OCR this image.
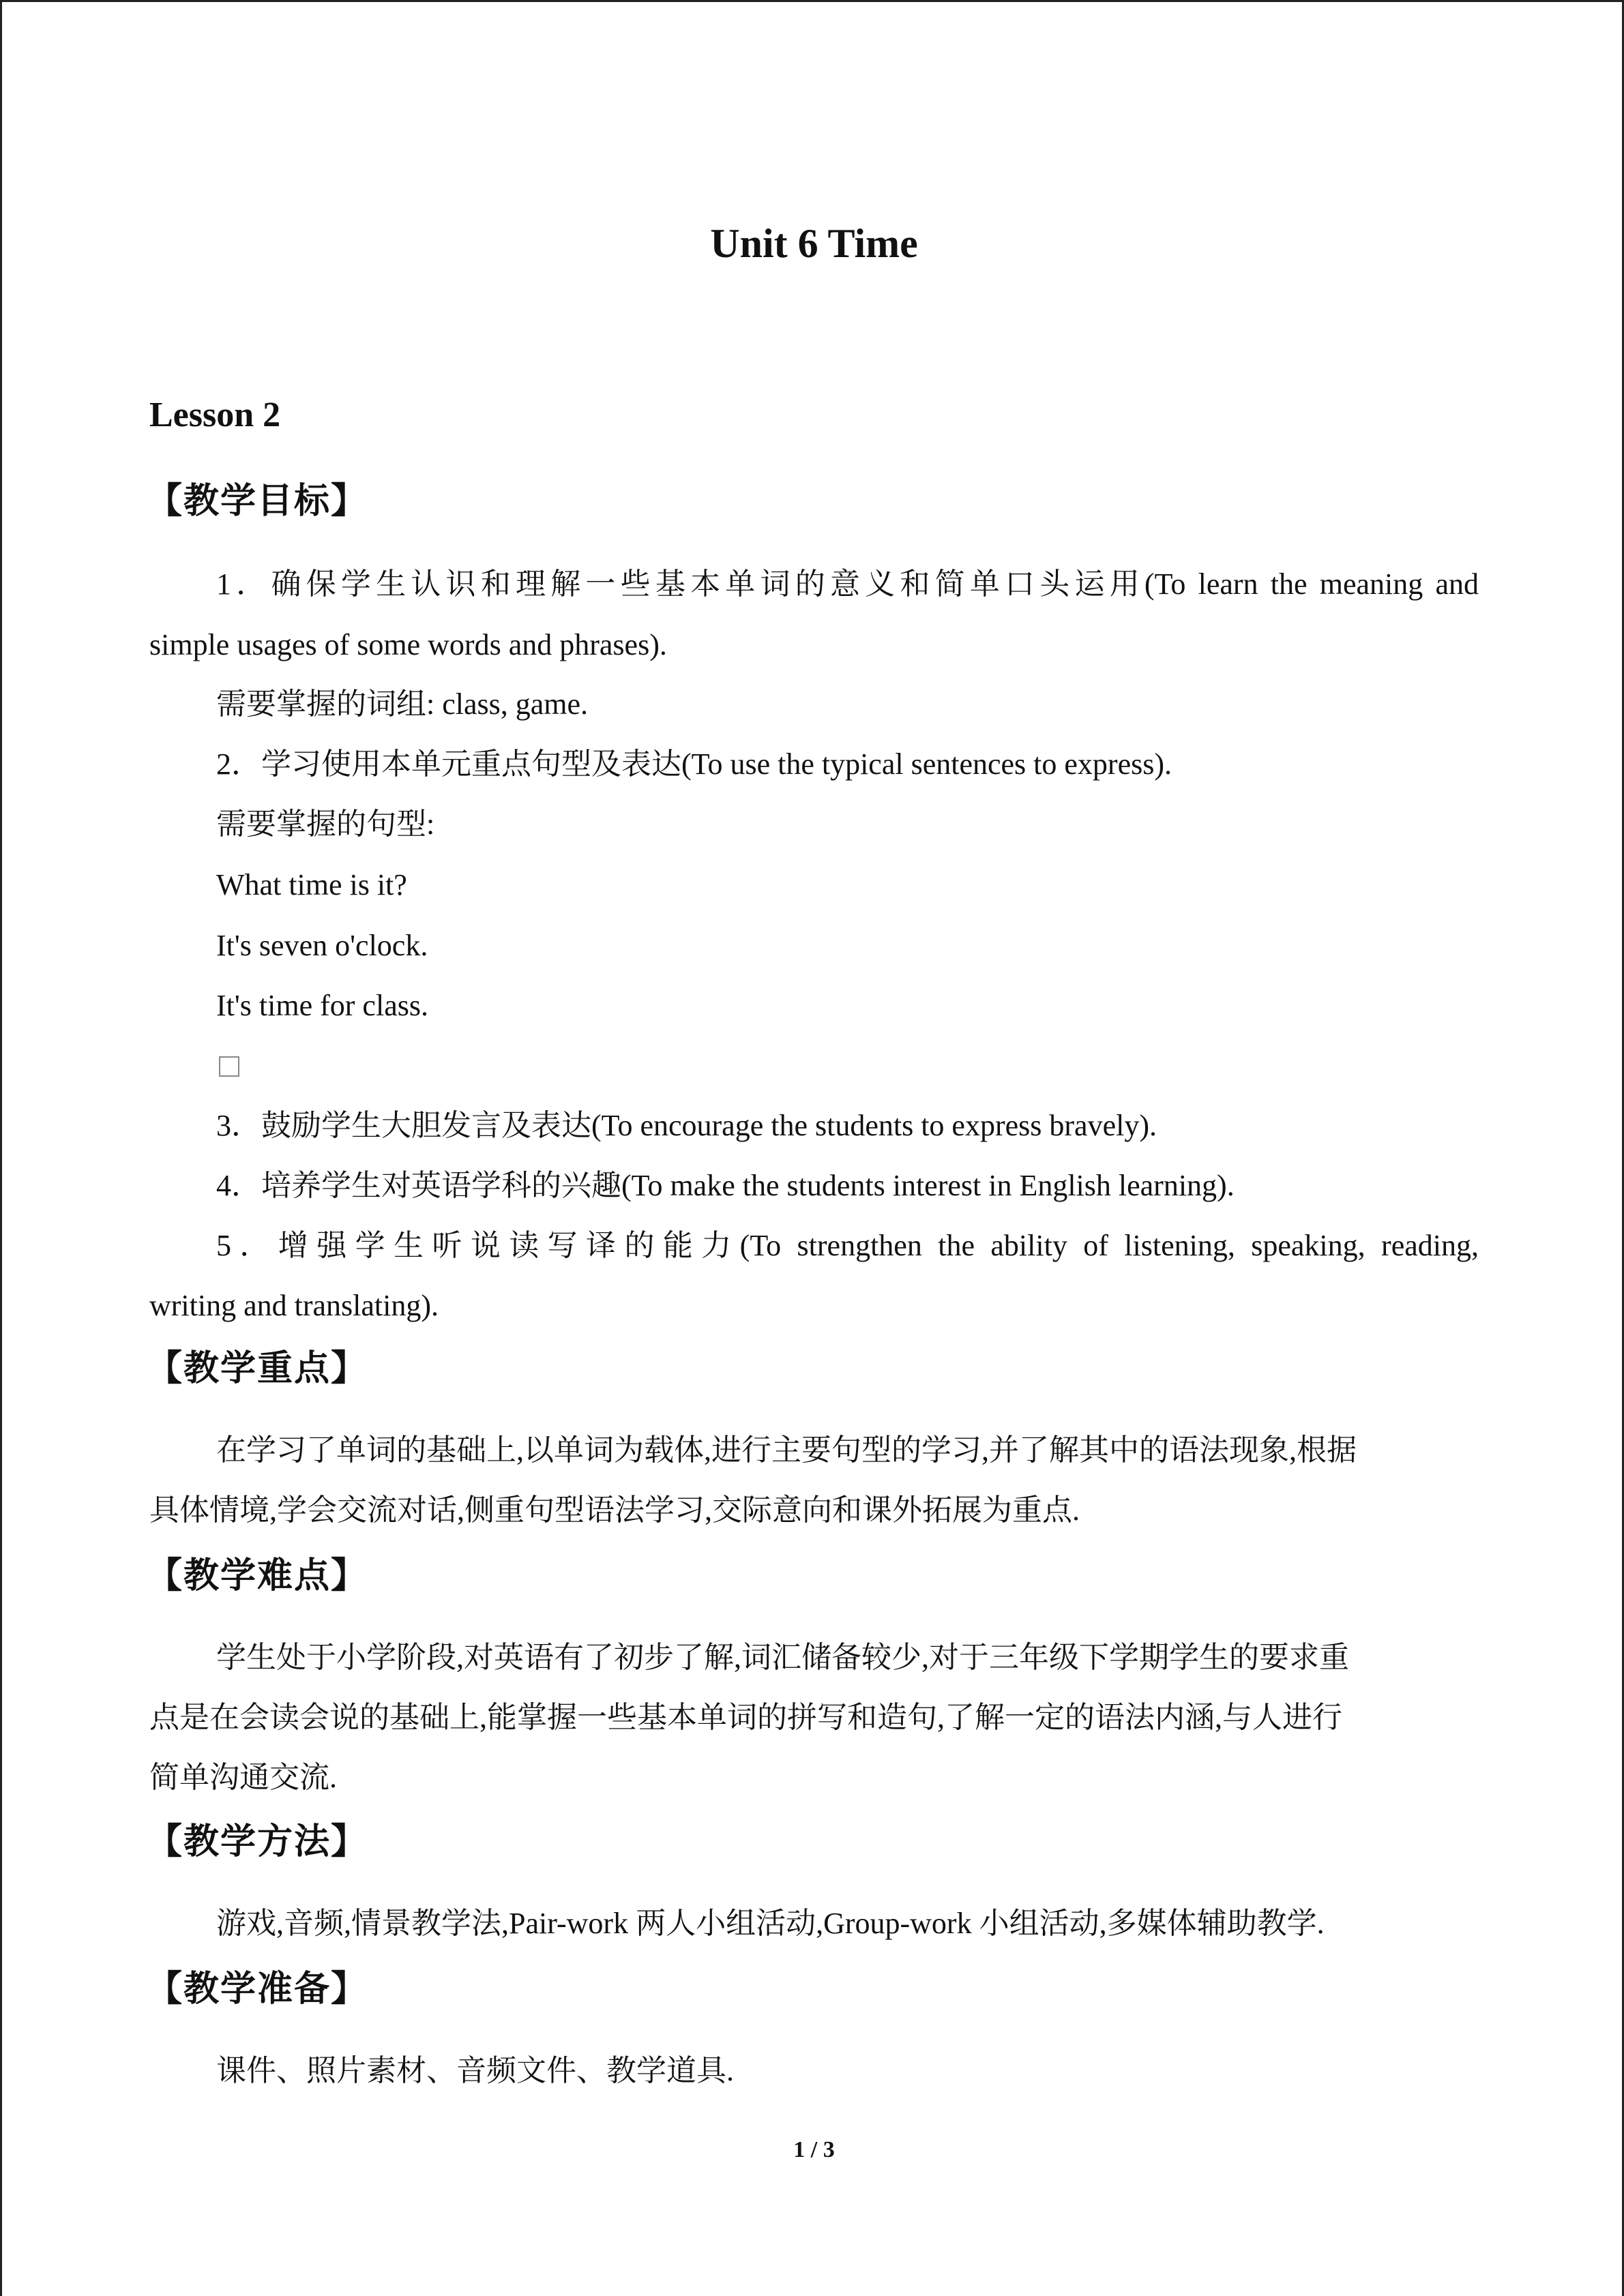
Unit 6 Time
Lesson 2
【教学目标】
1．确保学生认识和理解一些基本单词的意义和简单口头运用(To learn the meaning and
simple usages of some words and phrases).
需要掌握的词组: class, game.
2．学习使用本单元重点句型及表达(To use the typical sentences to express).
需要掌握的句型:
What time is it?
It's seven o'clock.
It's time for class.
3．鼓励学生大胆发言及表达(To encourage the students to express bravely).
4．培养学生对英语学科的兴趣(To make the students interest in English learning).
5．增强学生听说读写译的能力(To strengthen the ability of listening, speaking, reading,
writing and translating).
【教学重点】
在学习了单词的基础上,以单词为载体,进行主要句型的学习,并了解其中的语法现象,根据
具体情境,学会交流对话,侧重句型语法学习,交际意向和课外拓展为重点.
【教学难点】
学生处于小学阶段,对英语有了初步了解,词汇储备较少,对于三年级下学期学生的要求重
点是在会读会说的基础上,能掌握一些基本单词的拼写和造句,了解一定的语法内涵,与人进行
简单沟通交流.
【教学方法】
游戏,音频,情景教学法,Pair-work 两人小组活动,Group-work 小组活动,多媒体辅助教学.
【教学准备】
课件、照片素材、音频文件、教学道具.
1 / 3
